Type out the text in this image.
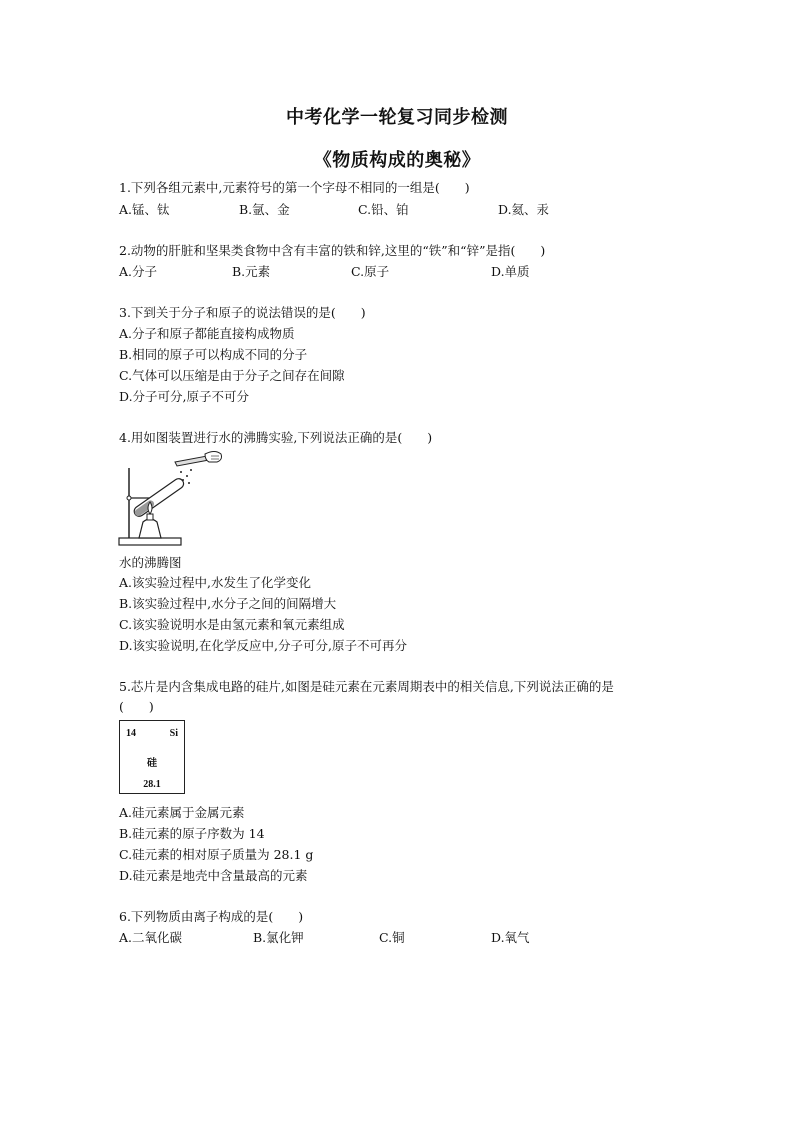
中考化学一轮复习同步检测
《物质构成的奥秘》
1.下列各组元素中,元素符号的第一个字母不相同的一组是(　　)
A.锰、钛	B.氩、金	C.铅、铂	D.氦、汞
2.动物的肝脏和坚果类食物中含有丰富的铁和锌,这里的“铁”和“锌”是指(　　)
A.分子	B.元素	C.原子	D.单质
3.下到关于分子和原子的说法错误的是(　　)
A.分子和原子都能直接构成物质
B.相同的原子可以构成不同的分子
C.气体可以压缩是由于分子之间存在间隙
D.分子可分,原子不可分
4.用如图装置进行水的沸腾实验,下列说法正确的是(　　)
水的沸腾图
A.该实验过程中,水发生了化学变化
B.该实验过程中,水分子之间的间隔增大
C.该实验说明水是由氢元素和氧元素组成
D.该实验说明,在化学反应中,分子可分,原子不可再分
5.芯片是内含集成电路的硅片,如图是硅元素在元素周期表中的相关信息,下列说法正确的是
(　　)
14	Si
硅
28.1
A.硅元素属于金属元素
B.硅元素的原子序数为 14
C.硅元素的相对原子质量为 28.1 g
D.硅元素是地壳中含量最高的元素
6.下列物质由离子构成的是(　　)
A.二氧化碳	B.氯化钾	C.铜	D.氧气
